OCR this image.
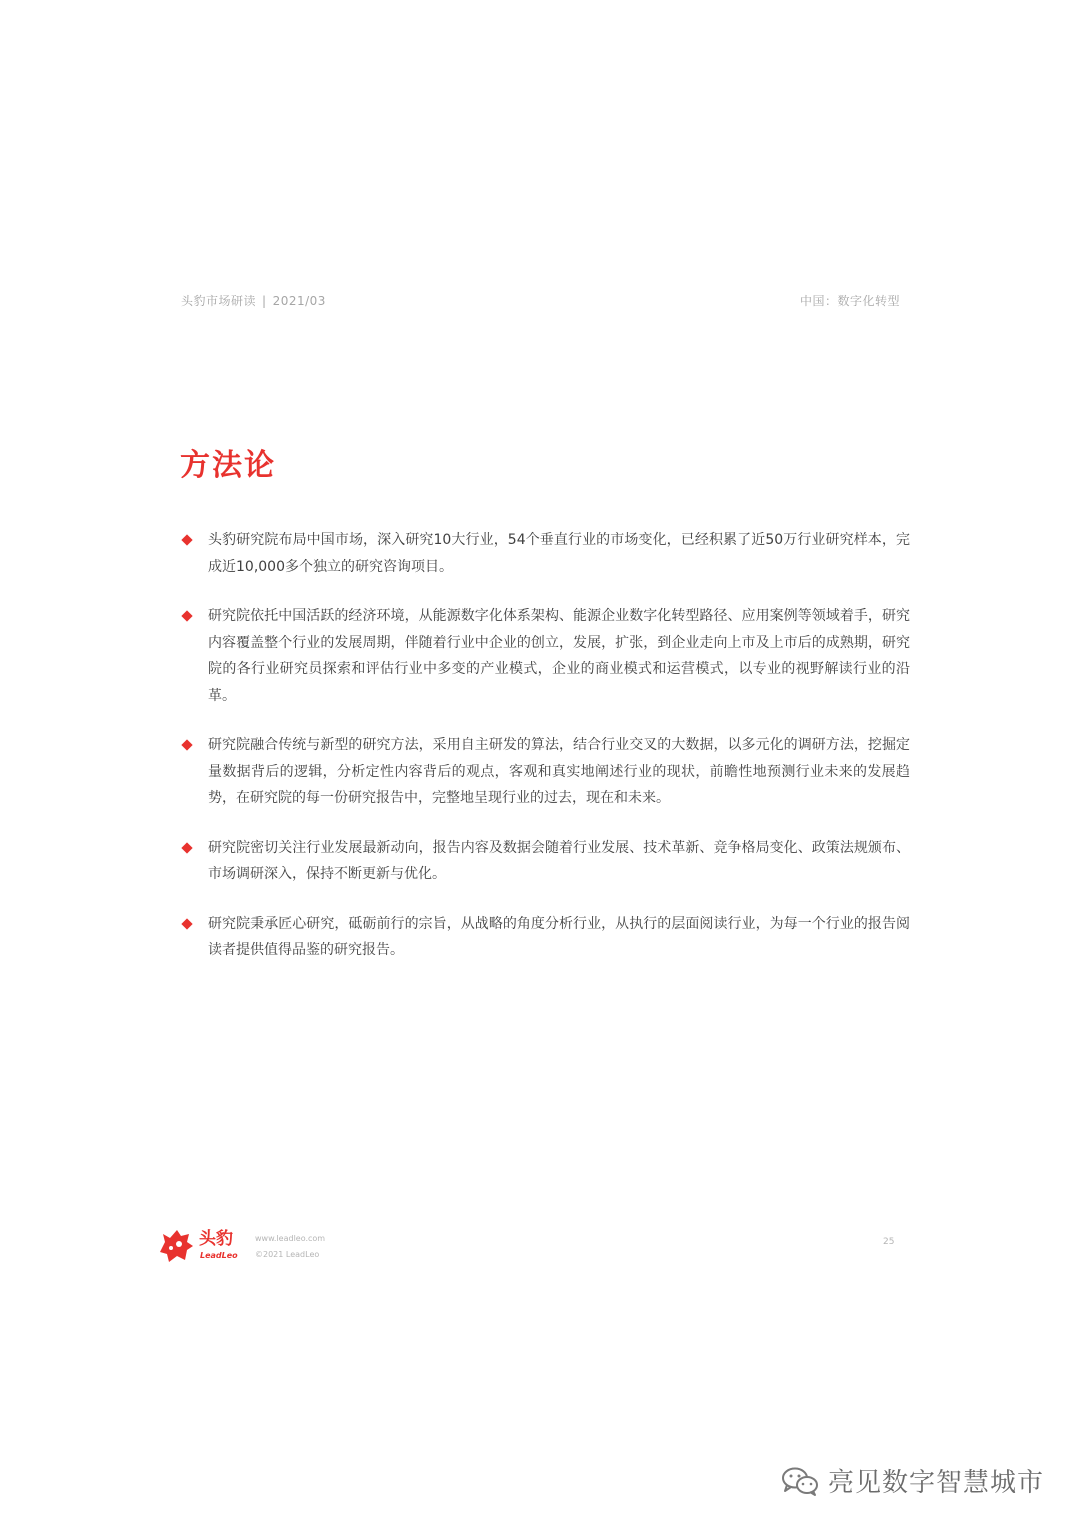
头豹市场研读 | 2021/03	中国：数字化转型
方法论
头豹研究院布局中国市场，深入研究10大行业，54个垂直行业的市场变化，已经积累了近50万行业研究样本，完成近10,000多个独立的研究咨询项目。
研究院依托中国活跃的经济环境，从能源数字化体系架构、能源企业数字化转型路径、应用案例等领域着手，研究内容覆盖整个行业的发展周期，伴随着行业中企业的创立，发展，扩张，到企业走向上市及上市后的成熟期，研究院的各行业研究员探索和评估行业中多变的产业模式，企业的商业模式和运营模式，以专业的视野解读行业的沿革。
研究院融合传统与新型的研究方法，采用自主研发的算法，结合行业交叉的大数据，以多元化的调研方法，挖掘定量数据背后的逻辑，分析定性内容背后的观点，客观和真实地阐述行业的现状，前瞻性地预测行业未来的发展趋势，在研究院的每一份研究报告中，完整地呈现行业的过去，现在和未来。
研究院密切关注行业发展最新动向，报告内容及数据会随着行业发展、技术革新、竞争格局变化、政策法规颁布、市场调研深入，保持不断更新与优化。
研究院秉承匠心研究，砥砺前行的宗旨，从战略的角度分析行业，从执行的层面阅读行业，为每一个行业的报告阅读者提供值得品鉴的研究报告。
头豹
LeadLeo
www.leadleo.com
©2021 LeadLeo
25
亮见数字智慧城市
